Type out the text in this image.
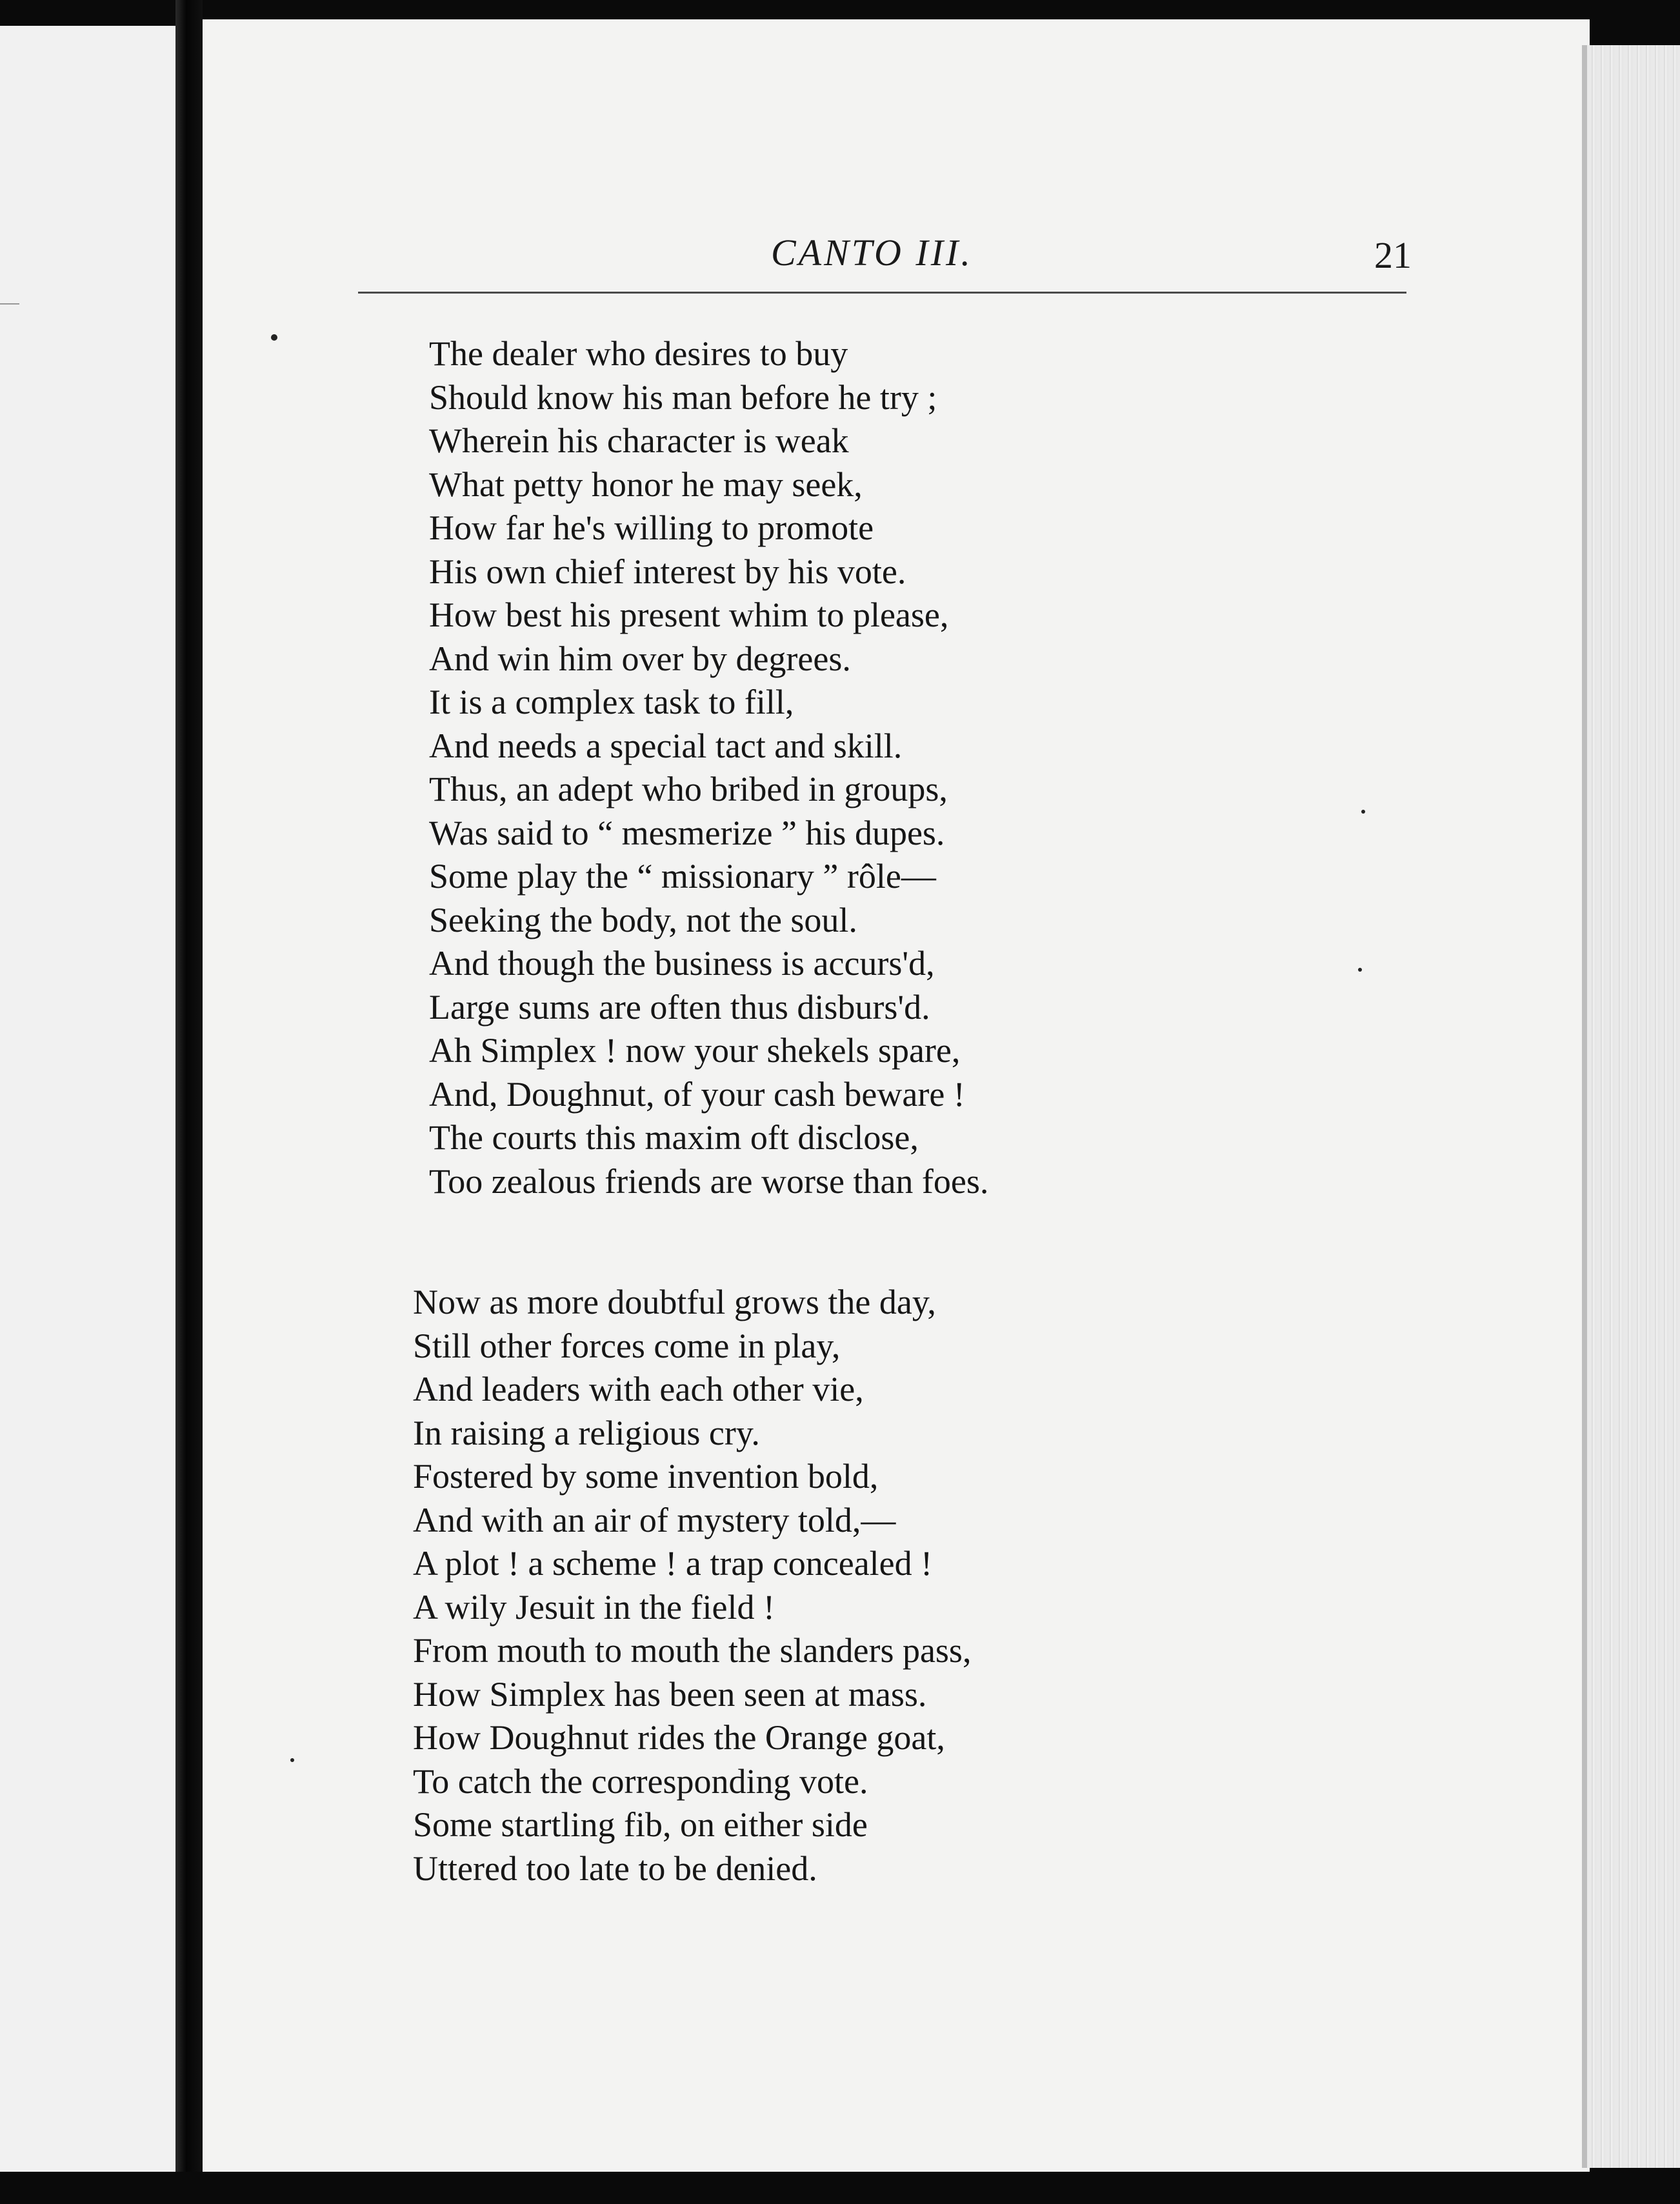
CANTO III.	21
The dealer who desires to buy
Should know his man before he try ;
Wherein his character is weak
What petty honor he may seek,
How far he's willing to promote
His own chief interest by his vote.
How best his present whim to please,
And win him over by degrees.
It is a complex task to fill,
And needs a special tact and skill.
Thus, an adept who bribed in groups,
Was said to “ mesmerize ” his dupes.
Some play the “ missionary ” rôle—
Seeking the body, not the soul.
And though the business is accurs'd,
Large sums are often thus disburs'd.
Ah Simplex ! now your shekels spare,
And, Doughnut, of your cash beware !
The courts this maxim oft disclose,
Too zealous friends are worse than foes.
Now as more doubtful grows the day,
Still other forces come in play,
And leaders with each other vie,
In raising a religious cry.
Fostered by some invention bold,
And with an air of mystery told,—
A plot ! a scheme ! a trap concealed !
A wily Jesuit in the field !
From mouth to mouth the slanders pass,
How Simplex has been seen at mass.
How Doughnut rides the Orange goat,
To catch the corresponding vote.
Some startling fib, on either side
Uttered too late to be denied.
